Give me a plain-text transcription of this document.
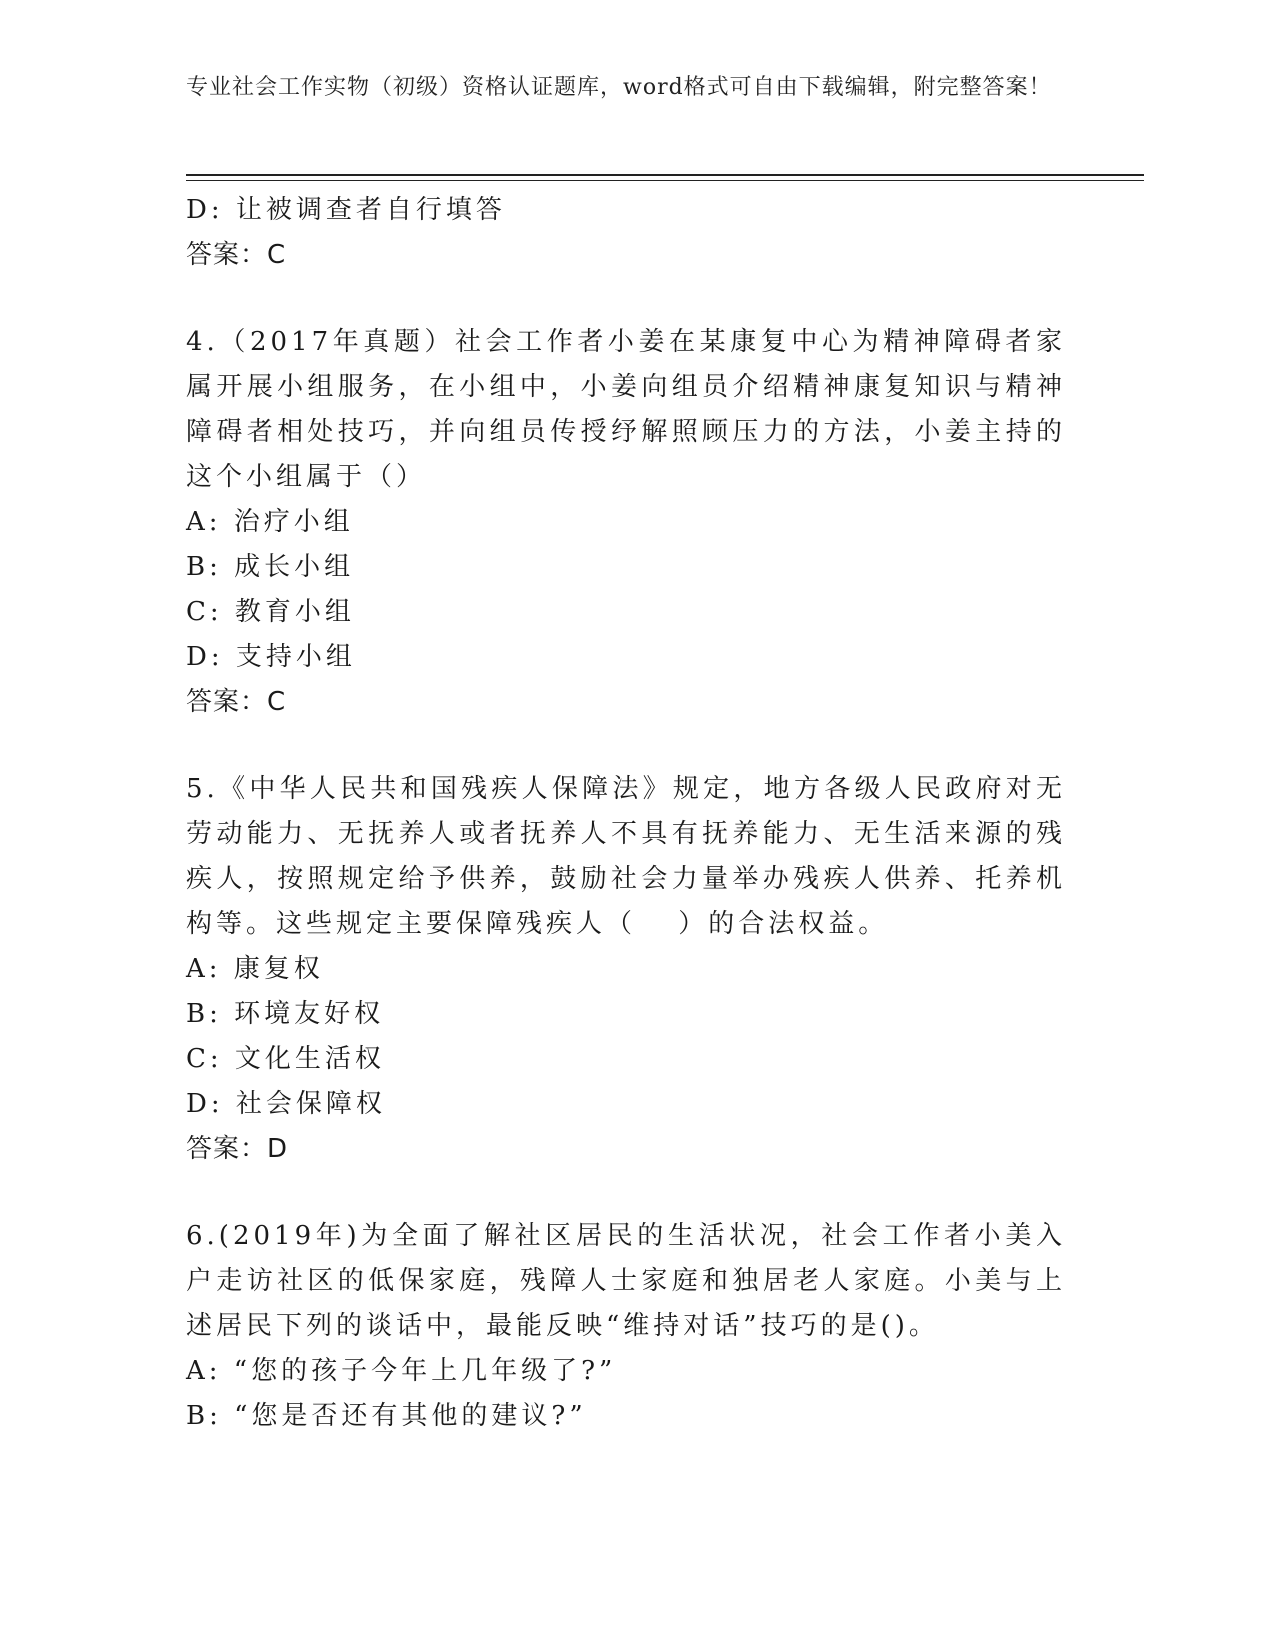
专业社会工作实物（初级）资格认证题库，word格式可自由下载编辑，附完整答案！

D: 让被调查者自行填答

答案：C

4.（2017年真题）社会工作者小姜在某康复中心为精神障碍者家属开展小组服务，在小组中，小姜向组员介绍精神康复知识与精神障碍者相处技巧，并向组员传授纾解照顾压力的方法，小姜主持的这个小组属于（）

A: 治疗小组

B: 成长小组

C: 教育小组

D: 支持小组

答案：C

5.《中华人民共和国残疾人保障法》规定，地方各级人民政府对无劳动能力、无抚养人或者抚养人不具有抚养能力、无生活来源的残疾人，按照规定给予供养，鼓励社会力量举办残疾人供养、托养机构等。这些规定主要保障残疾人（　 ）的合法权益。

A: 康复权

B: 环境友好权

C: 文化生活权

D: 社会保障权

答案：D

6.(2019年)为全面了解社区居民的生活状况，社会工作者小美入户走访社区的低保家庭，残障人士家庭和独居老人家庭。小美与上述居民下列的谈话中，最能反映“维持对话”技巧的是()。

A: “您的孩子今年上几年级了?”

B: “您是否还有其他的建议?”
